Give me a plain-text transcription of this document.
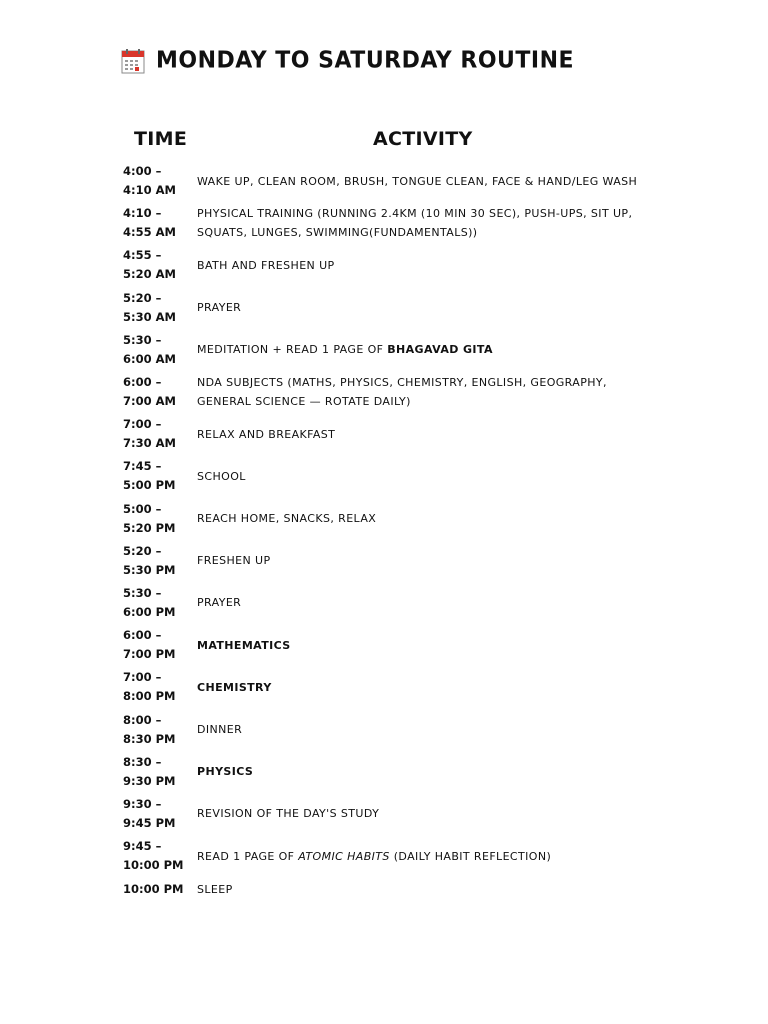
MONDAY TO SATURDAY ROUTINE
TIME	ACTIVITY
4:00 –
4:10 AM
WAKE UP, CLEAN ROOM, BRUSH, TONGUE CLEAN, FACE & HAND/LEG WASH
4:10 –
4:55 AM
PHYSICAL TRAINING (RUNNING 2.4KM (10 MIN 30 SEC), PUSH-UPS, SIT UP, SQUATS, LUNGES, SWIMMING(FUNDAMENTALS))
4:55 –
5:20 AM
BATH AND FRESHEN UP
5:20 –
5:30 AM
PRAYER
5:30 –
6:00 AM
MEDITATION + READ 1 PAGE OF BHAGAVAD GITA
6:00 –
7:00 AM
NDA SUBJECTS (MATHS, PHYSICS, CHEMISTRY, ENGLISH, GEOGRAPHY, GENERAL SCIENCE — ROTATE DAILY)
7:00 –
7:30 AM
RELAX AND BREAKFAST
7:45 –
5:00 PM
SCHOOL
5:00 –
5:20 PM
REACH HOME, SNACKS, RELAX
5:20 –
5:30 PM
FRESHEN UP
5:30 –
6:00 PM
PRAYER
6:00 –
7:00 PM
MATHEMATICS
7:00 –
8:00 PM
CHEMISTRY
8:00 –
8:30 PM
DINNER
8:30 –
9:30 PM
PHYSICS
9:30 –
9:45 PM
REVISION OF THE DAY'S STUDY
9:45 –
10:00 PM
READ 1 PAGE OF ATOMIC HABITS (DAILY HABIT REFLECTION)
10:00 PM	SLEEP
